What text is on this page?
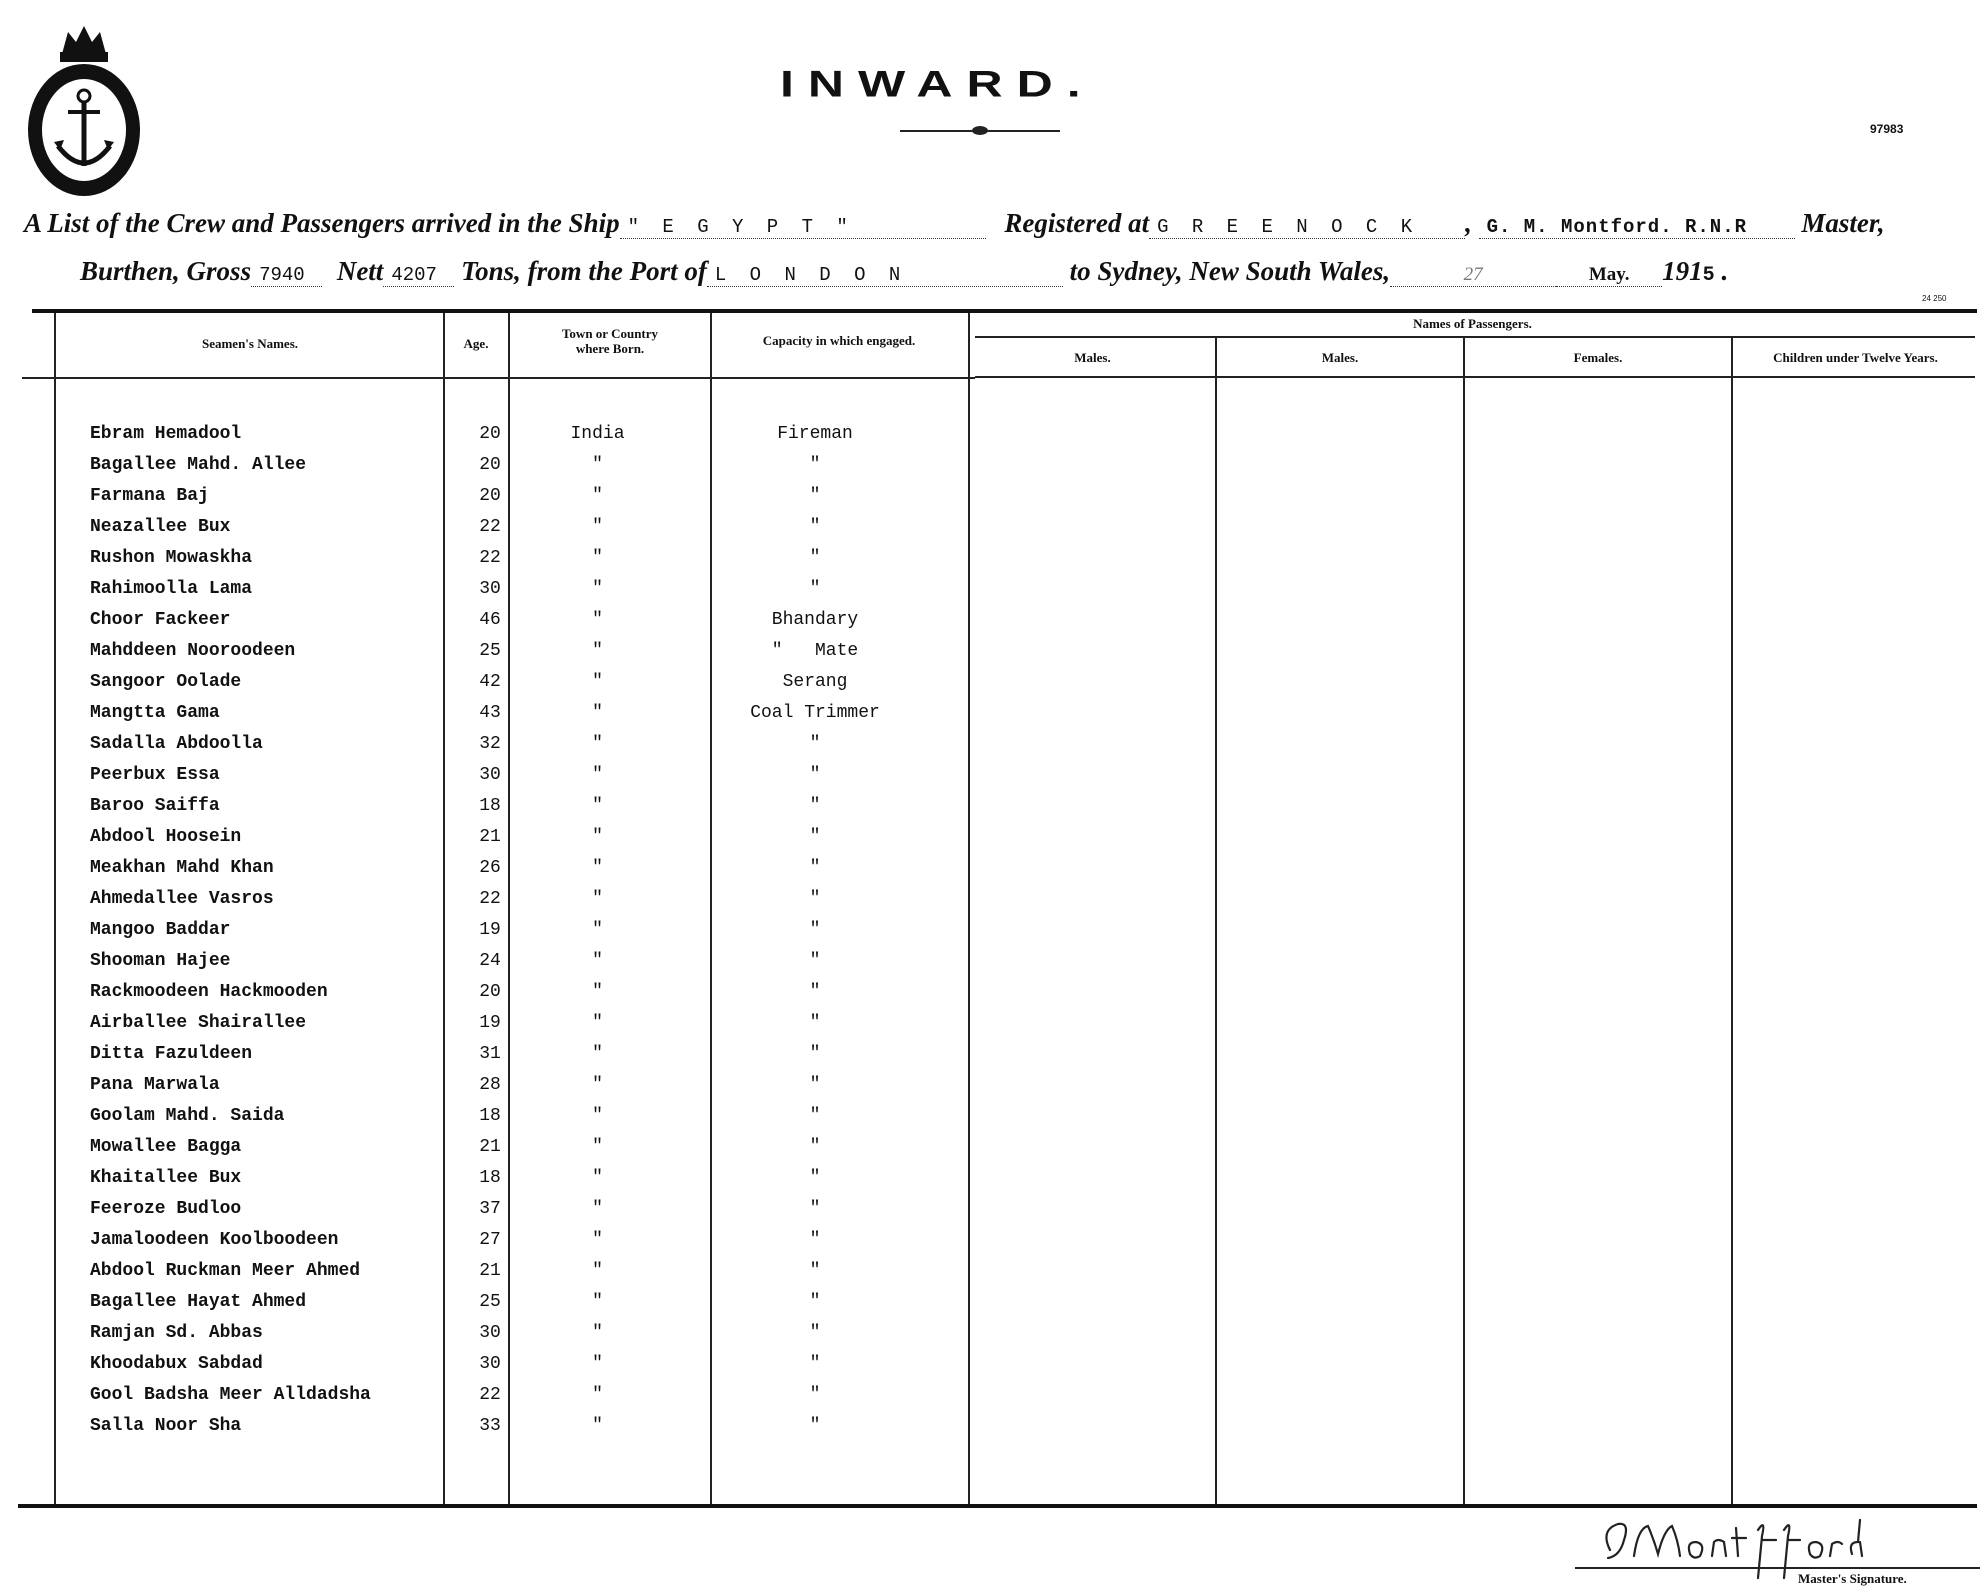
INWARD.
97983
A List of the Crew and Passengers arrived in the Ship " E G Y P T "	Registered at G R E E N O C K , G. M. Montford. R.N.R Master,
Burthen, Gross 7940 Nett 4207 Tons, from the Port of L O N D O N	to Sydney, New South Wales,	27	May. 1915 .
24 250
Seamen's Names.	Age.
Town or Country where Born.
Capacity in which engaged.
Names of Passengers.
Males.	Males.	Females.	Children under Twelve Years.
Ebram Hemadool	20	India	Fireman
Bagallee Mahd. Allee	20	"	"
Farmana Baj	20	"	"
Neazallee Bux	22	"	"
Rushon Mowaskha	22	"	"
Rahimoolla Lama	30	"	"
Choor Fackeer	46	"	Bhandary
Mahddeen Nooroodeen	25	"	"   Mate
Sangoor Oolade	42	"	Serang
Mangtta Gama	43	"	Coal Trimmer
Sadalla Abdoolla	32	"	"
Peerbux Essa	30	"	"
Baroo Saiffa	18	"	"
Abdool Hoosein	21	"	"
Meakhan Mahd Khan	26	"	"
Ahmedallee Vasros	22	"	"
Mangoo Baddar	19	"	"
Shooman Hajee	24	"	"
Rackmoodeen Hackmooden	20	"	"
Airballee Shairallee	19	"	"
Ditta Fazuldeen	31	"	"
Pana Marwala	28	"	"
Goolam Mahd. Saida	18	"	"
Mowallee Bagga	21	"	"
Khaitallee Bux	18	"	"
Feeroze Budloo	37	"	"
Jamaloodeen Koolboodeen	27	"	"
Abdool Ruckman Meer Ahmed	21	"	"
Bagallee Hayat Ahmed	25	"	"
Ramjan Sd. Abbas	30	"	"
Khoodabux Sabdad	30	"	"
Gool Badsha Meer Alldadsha	22	"	"
Salla Noor Sha	33	"	"
Master's Signature.
